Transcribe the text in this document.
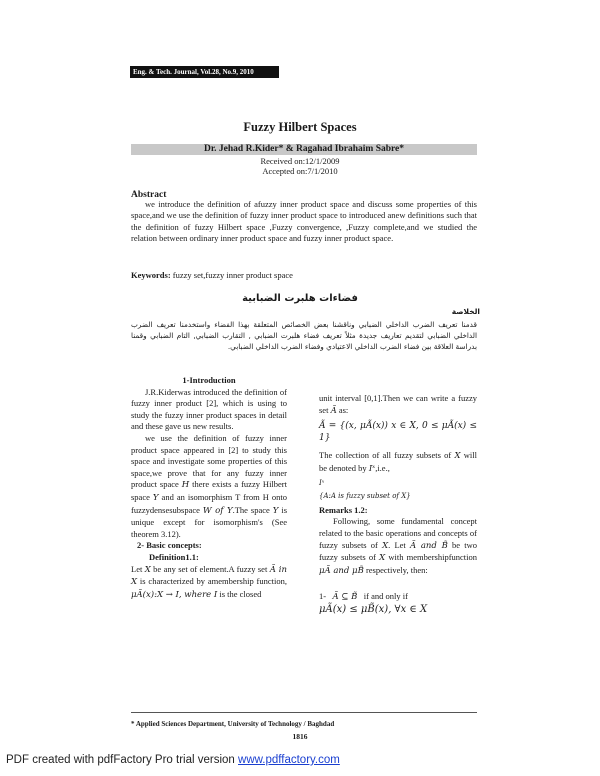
Eng. & Tech. Journal, Vol.28, No.9, 2010
Fuzzy Hilbert Spaces
Dr. Jehad R.Kider* & Ragahad Ibrahaim Sabre*
Received on:12/1/2009
Accepted on:7/1/2010
Abstract

we introduce the definition of afuzzy inner product space and discuss some properties of this space,and we use the definition of fuzzy inner product space to introduced anew definitions such that the definition of fuzzy Hilbert space ,Fuzzy convergence, ,Fuzzy complete,and we studied the relation between ordinary inner product space and fuzzy inner product space.

Keywords: fuzzy set,fuzzy inner product space
فضاءات هلبرت الضبابية
الخلاصة

قدمنا تعريف الضرب الداخلي الضبابي وناقشنا بعض الخصائص المتعلقة بهذا الفضاء واستخدمنا تعريف الضرب الداخلي الضبابي لتقديم تعاريف جديدة مثلاً تعريف فضاء هلبرت الضبابي , التقارب الضبابي, التام الضبابي وقمنا بدراسة العلاقة بين فضاء الضرب الداخلي الاعتيادي وفضاء الضرب الداخلي الضبابي.

1-Introduction

J.R.Kiderwas introduced the definition of fuzzy inner product [2], which is using to study the fuzzy inner product spaces in detail and these gave us new results.

we use the definition of fuzzy inner product space appeared in [2] to study this space and investigate some properties of this space,we prove that for any fuzzy inner product space H there exists a fuzzy Hilbert space Y and an isomorphism T from H onto fuzzydensesubspace W of Y.The space Y is unique except for isomorphism's (See theorem 3.12).

2- Basic concepts:
Definition1.1:

Let X be any set of element.A fuzzy set Ã in X is characterized by amembership function, μÃ(x):X → I, where I is the closed

unit interval [0,1].Then we can write a fuzzy set Ã as:

Ã = {(x, μÃ(x)) x ∈ X, 0 ≤ μÃ(x) ≤ 1}

The collection of all fuzzy subsets of X will be denoted by Iˣ,i.e.,

Iˣ
{A:A is fuzzy subset of X}
Remarks 1.2:

Following, some fundamental concept related to the basic operations and concepts of fuzzy subsets of X. Let Ã and B̃ be two fuzzy subsets of X with membershipfunction μÃ and μB̃ respectively, then:

1- Ã ⊆ B̃ if and only if
μÃ(x) ≤ μB̃(x), ∀x ∈ X
* Applied Sciences Department, University of Technology / Baghdad
1816
PDF created with pdfFactory Pro trial version www.pdffactory.com
